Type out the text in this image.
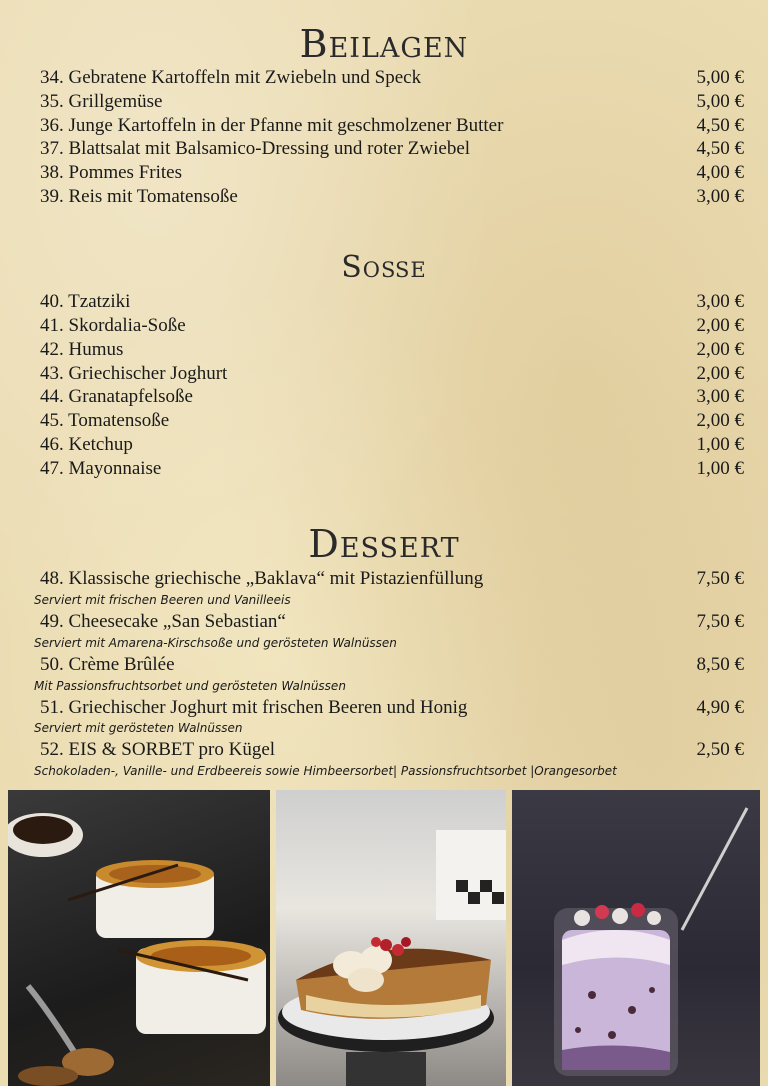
Beilagen
34. Gebratene Kartoffeln mit Zwiebeln und Speck	5,00 €
35. Grillgemüse	5,00 €
36. Junge Kartoffeln in der Pfanne mit geschmolzener Butter	4,50 €
37. Blattsalat mit Balsamico-Dressing und roter Zwiebel	4,50 €
38. Pommes Frites	4,00 €
39. Reis mit Tomatensoße	3,00 €
Soße
40. Tzatziki	3,00 €
41. Skordalia-Soße	2,00 €
42. Humus	2,00 €
43. Griechischer Joghurt	2,00 €
44. Granatapfelsoße	3,00 €
45. Tomatensoße	2,00 €
46. Ketchup	1,00 €
47. Mayonnaise	1,00 €
Dessert
48. Klassische griechische „Baklava“ mit Pistazienfüllung	7,50 €
Serviert mit frischen Beeren und Vanilleeis
49. Cheesecake „San Sebastian“	7,50 €
Serviert mit Amarena-Kirschsoße und gerösteten Walnüssen
50. Crème Brûlée	8,50 €
Mit Passionsfruchtsorbet und gerösteten Walnüssen
51. Griechischer Joghurt mit frischen Beeren und Honig	4,90 €
Serviert mit gerösteten Walnüssen
52. EIS & SORBET pro Kügel	2,50 €
Schokoladen-, Vanille- und Erdbeereis sowie Himbeersorbet| Passionsfruchtsorbet |Orangesorbet
